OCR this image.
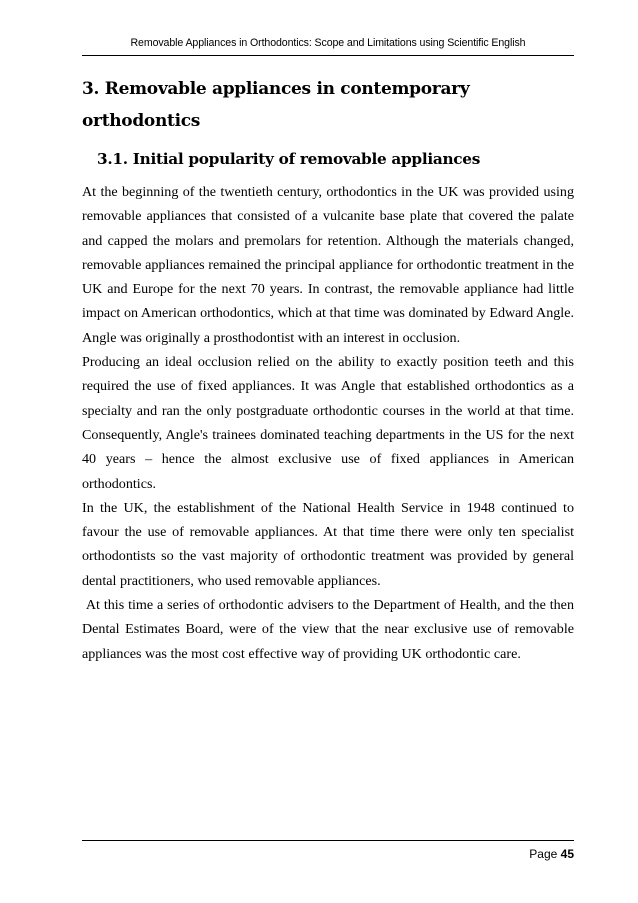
Removable Appliances in Orthodontics: Scope and Limitations using Scientific English
3. Removable appliances in contemporary orthodontics
3.1. Initial popularity of removable appliances

At the beginning of the twentieth century, orthodontics in the UK was provided using removable appliances that consisted of a vulcanite base plate that covered the palate and capped the molars and premolars for retention. Although the materials changed, removable appliances remained the principal appliance for orthodontic treatment in the UK and Europe for the next 70 years. In contrast, the removable appliance had little impact on American orthodontics, which at that time was dominated by Edward Angle. Angle was originally a prosthodontist with an interest in occlusion.

Producing an ideal occlusion relied on the ability to exactly position teeth and this required the use of fixed appliances. It was Angle that established orthodontics as a specialty and ran the only postgraduate orthodontic courses in the world at that time. Consequently, Angle's trainees dominated teaching departments in the US for the next 40 years – hence the almost exclusive use of fixed appliances in American orthodontics.

In the UK, the establishment of the National Health Service in 1948 continued to favour the use of removable appliances. At that time there were only ten specialist orthodontists so the vast majority of orthodontic treatment was provided by general dental practitioners, who used removable appliances.

At this time a series of orthodontic advisers to the Department of Health, and the then Dental Estimates Board, were of the view that the near exclusive use of removable appliances was the most cost effective way of providing UK orthodontic care.

Page 45
